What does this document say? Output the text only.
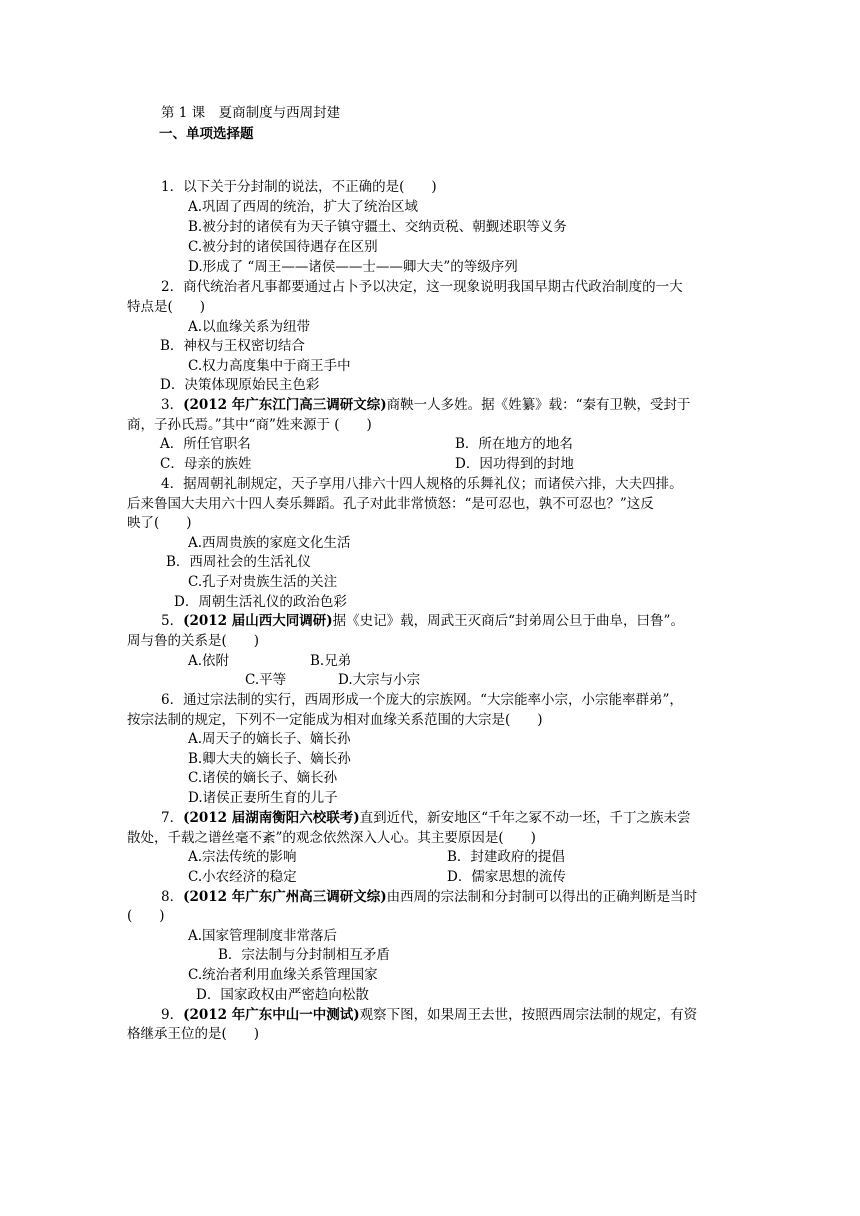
第 1 课　夏商制度与西周封建
一、单项选择题
1．以下关于分封制的说法，不正确的是(　　)
A.巩固了西周的统治，扩大了统治区域
B.被分封的诸侯有为天子镇守疆土、交纳贡税、朝觐述职等义务
C.被分封的诸侯国待遇存在区别
D.形成了 “周王——诸侯——士——卿大夫”的等级序列
2．商代统治者凡事都要通过占卜予以决定，这一现象说明我国早期古代政治制度的一大
特点是(　　)
A.以血缘关系为纽带
B．神权与王权密切结合
C.权力高度集中于商王手中
D．决策体现原始民主色彩
3．(2012 年广东江门高三调研文综)商鞅一人多姓。据《姓纂》载：“秦有卫鞅，受封于
商，子孙氏焉。”其中“商”姓来源于 (　　)
A．所任官职名	B．所在地方的地名
C．母亲的族姓	D．因功得到的封地
4．据周朝礼制规定，天子享用八排六十四人规格的乐舞礼仪；而诸侯六排，大夫四排。
后来鲁国大夫用六十四人奏乐舞蹈。孔子对此非常愤怒：“是可忍也，孰不可忍也？”这反
映了(　　)
A.西周贵族的家庭文化生活
B．西周社会的生活礼仪
C.孔子对贵族生活的关注
D．周朝生活礼仪的政治色彩
5．(2012 届山西大同调研)据《史记》载，周武王灭商后“封弟周公旦于曲阜，曰鲁”。
周与鲁的关系是(　　)
A.依附	B.兄弟
C.平等	D.大宗与小宗
6．通过宗法制的实行，西周形成一个庞大的宗族网。“大宗能率小宗，小宗能率群弟”，
按宗法制的规定，下列不一定能成为相对血缘关系范围的大宗是(　　)
A.周天子的嫡长子、嫡长孙
B.卿大夫的嫡长子、嫡长孙
C.诸侯的嫡长子、嫡长孙
D.诸侯正妻所生育的儿子
7．(2012 届湖南衡阳六校联考)直到近代，新安地区“千年之冢不动一坯，千丁之族未尝
散处，千载之谱丝毫不紊”的观念依然深入人心。其主要原因是(　　)
A.宗法传统的影响	B．封建政府的提倡
C.小农经济的稳定	D．儒家思想的流传
8．(2012 年广东广州高三调研文综)由西周的宗法制和分封制可以得出的正确判断是当时
(　　)
A.国家管理制度非常落后
B．宗法制与分封制相互矛盾
C.统治者利用血缘关系管理国家
D．国家政权由严密趋向松散
9．(2012 年广东中山一中测试)观察下图，如果周王去世，按照西周宗法制的规定，有资
格继承王位的是(　　)
